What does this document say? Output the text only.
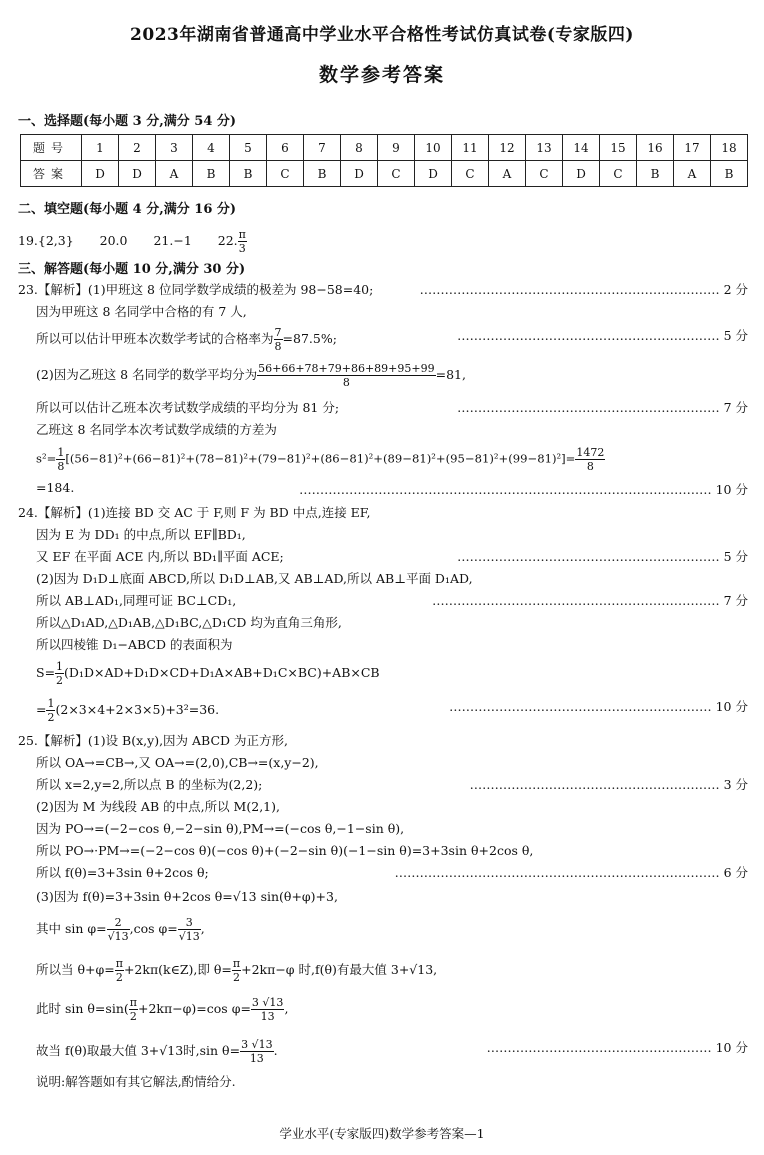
2023年湖南省普通高中学业水平合格性考试仿真试卷(专家版四)
数学参考答案
一、选择题(每小题 3 分,满分 54 分)
题号	1	2	3	4	5	6	7	8	9	10	11	12	13	14	15	16	17	18
答案	D	D	A	B	B	C	B	D	C	D	C	A	C	D	C	B	A	B
二、填空题(每小题 4 分,满分 16 分)
19.{2,3} 20.0 21.−1 22. $\frac{\pi}{3}$
三、解答题(每小题 10 分,满分 30 分)
23.【解析】(1)甲班这 8 位同学数学成绩的极差为 98−58=40;	……………………………………………………………… 2 分
因为甲班这 8 名同学中合格的有 7 人,
所以可以估计甲班本次数学考试的合格率为 $\frac{7}{8} =87.5\%$;	……………………………………………………… 5 分
(2)因为乙班这 8 名同学的数学平均分为 $\frac{56+66+78+79+86+89+95+99}{8} =81$,
所以可以估计乙班本次考试数学成绩的平均分为 81 分;	……………………………………………………… 7 分
乙班这 8 名同学本次考试数学成绩的方差为
$s^2= \frac{1}{8} [(56-81)^2+(66-81)^2+(78-81)^2+(79-81)^2+(86-81)^2+(89-81)^2+(95-81)^2+(99-81)^2]= \frac{1472}{8}$
=184.	……………………………………………………………………………………… 10 分
24.【解析】(1)连接 BD 交 AC 于 F,则 F 为 BD 中点,连接 EF,
因为 E 为 DD₁ 的中点,所以 EF∥BD₁,
又 EF 在平面 ACE 内,所以 BD₁∥平面 ACE;	……………………………………………………… 5 分
(2)因为 D₁D⊥底面 ABCD,所以 D₁D⊥AB,又 AB⊥AD,所以 AB⊥平面 D₁AD,
所以 AB⊥AD₁,同理可证 BC⊥CD₁,	…………………………………………………………… 7 分
所以△D₁AD,△D₁AB,△D₁BC,△D₁CD 均为直角三角形,
所以四棱锥 D₁−ABCD 的表面积为
$S= \frac{1}{2} (D_1D\times AD+D_1D\times CD+D_1A\times AB+D_1C\times BC)+AB\times CB$
= $\frac{1}{2} (2\times 3\times 4+2\times 3\times 5)+3^2=36$.	……………………………………………………… 10 分
25.【解析】(1)设 B(x,y),因为 ABCD 为正方形,
所以 OA→=CB→,又 OA→=(2,0),CB→=(x,y−2),
所以 x=2,y=2,所以点 B 的坐标为(2,2);	…………………………………………………… 3 分
(2)因为 M 为线段 AB 的中点,所以 M(2,1),
因为 PO→=(−2−cos θ,−2−sin θ),PM→=(−cos θ,−1−sin θ),
所以 PO→·PM→=(−2−cos θ)(−cos θ)+(−2−sin θ)(−1−sin θ)=3+3sin θ+2cos θ,
所以 f(θ)=3+3sin θ+2cos θ;	…………………………………………………………………… 6 分
(3)因为 f(θ)=3+3sin θ+2cos θ=√13 sin(θ+φ)+3,
其中 $\sin \varphi= \frac{2}{√13} ,\cos$ $\varphi= \frac{3}{√13}$ ,
所以当 $\theta+\varphi= \frac{\pi}{2}$ +2kπ(k∈Z),即 $\theta= \frac{\pi}{2} +2k\pi-\varphi$ 时,f(θ)有最大值 3+√13,
此时 $\sin \theta=\sin( \frac{\pi}{2} +2k\pi-\varphi)=\cos$ $\varphi= \frac{3 √13}{13}$ ,
故当 f(θ)取最大值 3+√13时,sin $\theta= \frac{3 √13}{13}$ .	……………………………………………… 10 分
说明:解答题如有其它解法,酌情给分.
学业水平(专家版四)数学参考答案—1
